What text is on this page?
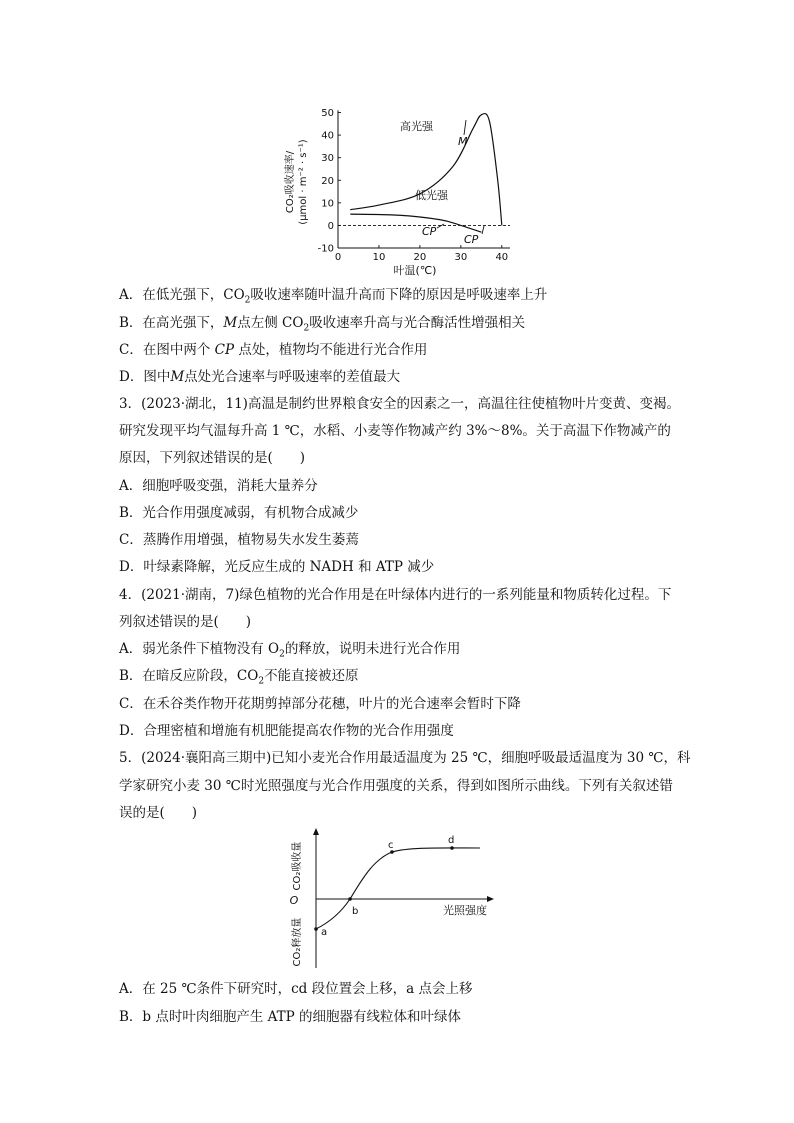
CO₂吸收速率/ (μmol · m⁻² · s⁻¹)
50
40
30
20
10
0
-10
0	10	20	30	40
高光强
低光强
M
CP
CP
叶温(℃)
A．在低光强下，$CO_2$吸收速率随叶温升高而下降的原因是呼吸速率上升
B．在高光强下，M点左侧 $CO_2$吸收速率升高与光合酶活性增强相关
C．在图中两个 CP 点处，植物均不能进行光合作用
D．图中M点处光合速率与呼吸速率的差值最大
3．(2023·湖北，11)高温是制约世界粮食安全的因素之一，高温往往使植物叶片变黄、变褐。
研究发现平均气温每升高 1 ℃，水稻、小麦等作物减产约 3%～8%。关于高温下作物减产的
原因，下列叙述错误的是(　　)
A．细胞呼吸变强，消耗大量养分
B．光合作用强度减弱，有机物合成减少
C．蒸腾作用增强，植物易失水发生萎蔫
D．叶绿素降解，光反应生成的 NADH 和 ATP 减少
4．(2021·湖南，7)绿色植物的光合作用是在叶绿体内进行的一系列能量和物质转化过程。下
列叙述错误的是(　　)
A．弱光条件下植物没有 $O_2$的释放，说明未进行光合作用
B．在暗反应阶段，$CO_2$不能直接被还原
C．在禾谷类作物开花期剪掉部分花穗，叶片的光合速率会暂时下降
D．合理密植和增施有机肥能提高农作物的光合作用强度
5．(2024·襄阳高三期中)已知小麦光合作用最适温度为 25 ℃，细胞呼吸最适温度为 30 ℃，科
学家研究小麦 30 ℃时光照强度与光合作用强度的关系，得到如图所示曲线。下列有关叙述错
误的是(　　)
CO₂吸收量
O
CO₂释放量 a
b
c	d
光照强度
A．在 25 ℃条件下研究时，cd 段位置会上移，a 点会上移
B．b 点时叶肉细胞产生 ATP 的细胞器有线粒体和叶绿体
